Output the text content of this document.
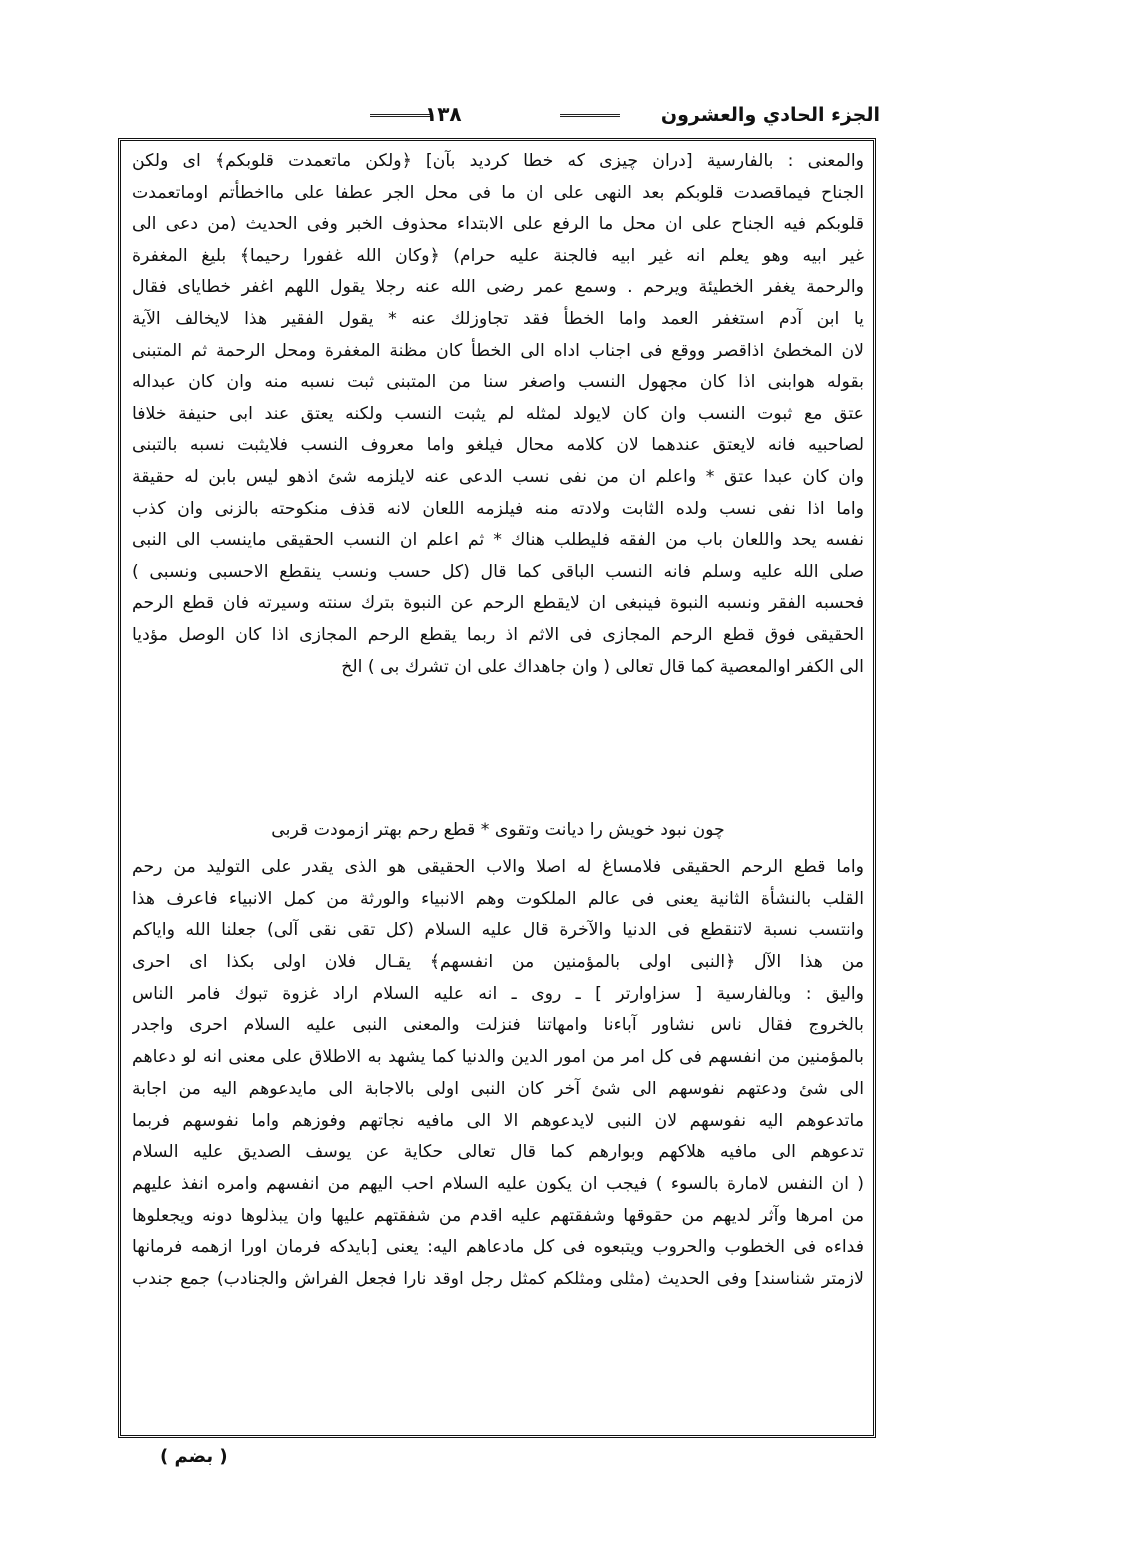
الجزء الحادي والعشرون
١٣٨
والمعنى : بالفارسية [دران چيزى كه خطا كرديد بآن] ﴿ولكن ماتعمدت قلوبكم﴾ اى ولكن
الجناح فيماقصدت قلوبكم بعد النهى على ان ما فى محل الجر عطفا على مااخطأتم اوماتعمدت
قلوبكم فيه الجناح على ان محل ما الرفع على الابتداء محذوف الخبر وفى الحديث (من دعى الى
غير ابيه وهو يعلم انه غير ابيه فالجنة عليه حرام) ﴿وكان الله غفورا رحيما﴾ بليغ المغفرة
والرحمة يغفر الخطيئة ويرحم . وسمع عمر رضى الله عنه رجلا يقول اللهم اغفر خطاياى فقال
يا ابن آدم استغفر العمد واما الخطأ فقد تجاوزلك عنه * يقول الفقير هذا لايخالف الآية
لان المخطئ اذاقصر ووقع فى اجناب اداه الى الخطأ كان مظنة المغفرة ومحل الرحمة ثم المتبنى
بقوله هوابنى اذا كان مجهول النسب واصغر سنا من المتبنى ثبت نسبه منه وان كان عبداله
عتق مع ثبوت النسب وان كان لايولد لمثله لم يثبت النسب ولكنه يعتق عند ابى حنيفة خلافا
لصاحبيه فانه لايعتق عندهما لان كلامه محال فيلغو واما معروف النسب فلايثبت نسبه بالتبنى
وان كان عبدا عتق * واعلم ان من نفى نسب الدعى عنه لايلزمه شئ اذهو ليس بابن له حقيقة
واما اذا نفى نسب ولده الثابت ولادته منه فيلزمه اللعان لانه قذف منكوحته بالزنى وان كذب
نفسه يحد واللعان باب من الفقه فليطلب هناك * ثم اعلم ان النسب الحقيقى ماينسب الى النبى
صلى الله عليه وسلم فانه النسب الباقى كما قال (كل حسب ونسب ينقطع الاحسبى ونسبى )
فحسبه الفقر ونسبه النبوة فينبغى ان لايقطع الرحم عن النبوة بترك سنته وسيرته فان قطع الرحم
الحقيقى فوق قطع الرحم المجازى فى الاثم اذ ربما يقطع الرحم المجازى اذا كان الوصل مؤديا
الى الكفر اوالمعصية كما قال تعالى ( وان جاهداك على ان تشرك بى ) الخ
چون نبود خويش را ديانت وتقوى * قطع رحم بهتر ازمودت قربى
واما قطع الرحم الحقيقى فلامساغ له اصلا والاب الحقيقى هو الذى يقدر على التوليد من رحم
القلب بالنشأة الثانية يعنى فى عالم الملكوت وهم الانبياء والورثة من كمل الانبياء فاعرف هذا
وانتسب نسبة لاتنقطع فى الدنيا والآخرة قال عليه السلام (كل تقى نقى آلى) جعلنا الله واياكم
من هذا الآل ﴿النبى اولى بالمؤمنين من انفسهم﴾ يقـال فلان اولى بكذا اى احرى
واليق : وبالفارسية [ سزاوارتر ] ـ روى ـ انه عليه السلام اراد غزوة تبوك فامر الناس
بالخروج فقال ناس نشاور آباءنا وامهاتنا فنزلت والمعنى النبى عليه السلام احرى واجدر
بالمؤمنين من انفسهم فى كل امر من امور الدين والدنيا كما يشهد به الاطلاق على معنى انه لو دعاهم
الى شئ ودعتهم نفوسهم الى شئ آخر كان النبى اولى بالاجابة الى مايدعوهم اليه من اجابة
ماتدعوهم اليه نفوسهم لان النبى لايدعوهم الا الى مافيه نجاتهم وفوزهم واما نفوسهم فربما
تدعوهم الى مافيه هلاكهم وبوارهم كما قال تعالى حكاية عن يوسف الصديق عليه السلام
( ان النفس لامارة بالسوء ) فيجب ان يكون عليه السلام احب اليهم من انفسهم وامره انفذ عليهم
من امرها وآثر لديهم من حقوقها وشفقتهم عليه اقدم من شفقتهم عليها وان يبذلوها دونه ويجعلوها
فداءه فى الخطوب والحروب ويتبعوه فى كل مادعاهم اليه: يعنى [بايدكه فرمان اورا ازهمه فرمانها
لازمتر شناسند] وفى الحديث (مثلى ومثلكم كمثل رجل اوقد نارا فجعل الفراش والجنادب) جمع جندب
( بضم )
